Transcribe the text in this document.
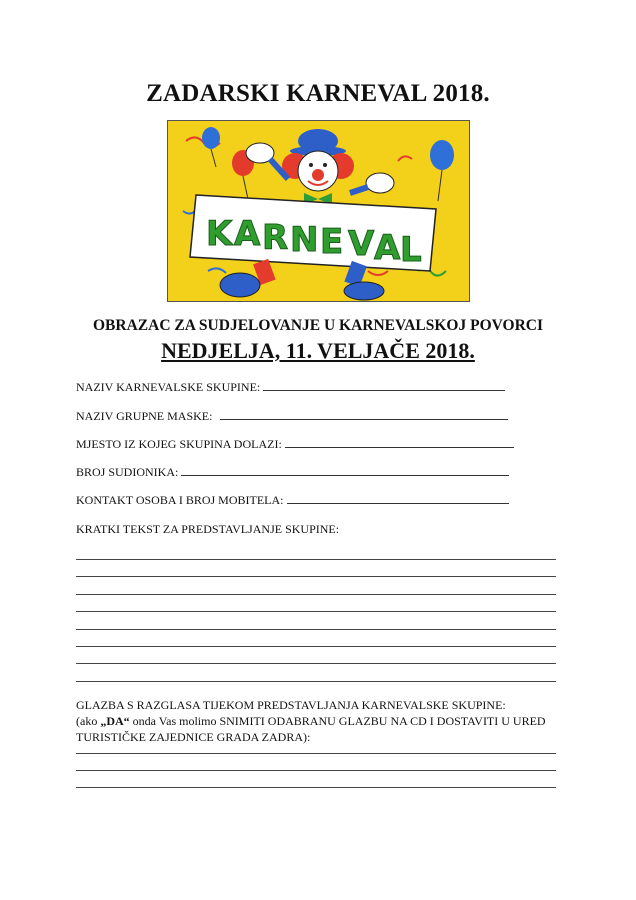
ZADARSKI KARNEVAL 2018.
K A R N E V A L
OBRAZAC ZA SUDJELOVANJE U KARNEVALSKOJ POVORCI
NEDJELJA, 11. VELJAČE 2018.
NAZIV KARNEVALSKE SKUPINE:
NAZIV GRUPNE MASKE:
MJESTO IZ KOJEG SKUPINA DOLAZI:
BROJ SUDIONIKA:
KONTAKT OSOBA I BROJ MOBITELA:
KRATKI TEKST ZA PREDSTAVLJANJE SKUPINE:
GLAZBA S RAZGLASA TIJEKOM PREDSTAVLJANJA KARNEVALSKE SKUPINE:
(ako „DA“ onda Vas molimo SNIMITI ODABRANU GLAZBU NA CD I DOSTAVITI U URED
TURISTIČKE ZAJEDNICE GRADA ZADRA):
